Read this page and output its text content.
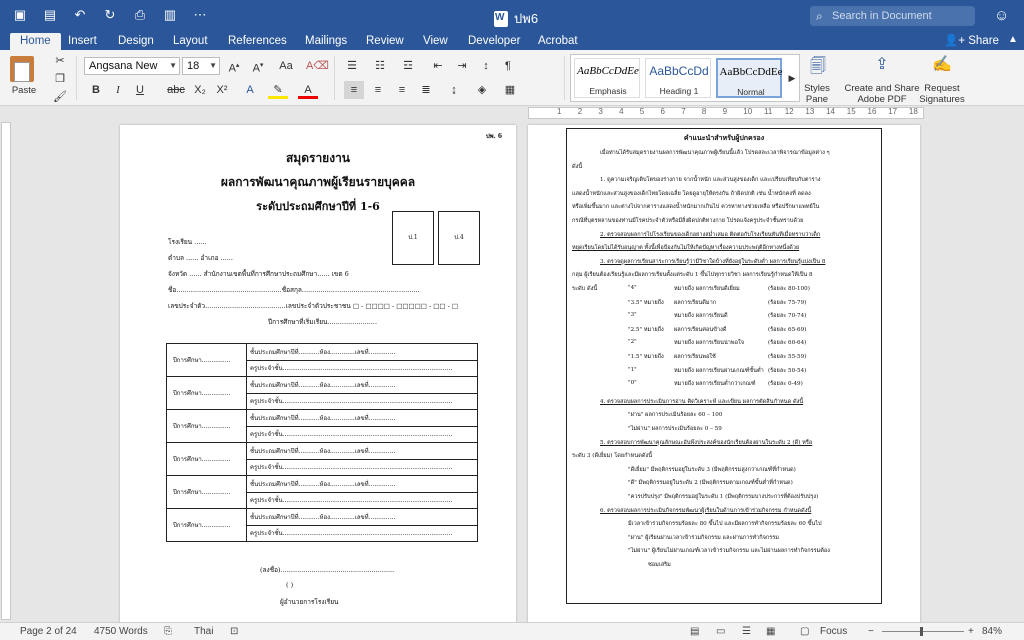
▣ ▤ ↶ ↻ ⎙ ▥ ⋯ W	ปพ6	⌕ Search in Document	☺
Home	Insert	Design	Layout	References	Mailings	Review	View	Developer	Acrobat	👤+ Share ▲
Paste
✂
❐
🖌
Angsana New ▼ 18 ▼	A▴	A▾	Aa A⌫
B	I	U	abc X₂ X²	A	✎	A
☰	☷	☲	⇤	⇥	↕	¶
≡	≡	≡	≣	↨	◈	▦
AaBbCcDdEe
Emphasis
AaBbCcDd
Heading 1
AaBbCcDdEe
Normal
▶
🗐
Styles
Pane
⇪
Create and Share
Adobe PDF
✍
Request
Signatures
1 2 3 4 5 6 7 8 9 10 11 12 13 14 15 16 17 18
ปพ. 6
สมุดรายงาน
ผลการพัฒนาคุณภาพผู้เรียนรายบุคคล
ระดับประถมศึกษาปีที่ 1-6
ป.1	ป.4
โรงเรียน ......
ตำบล ...... อำเภอ ......
จังหวัด ...... สำนักงานเขตพื้นที่การศึกษาประถมศึกษา...... เขต 6
ชื่อ...................................................ชื่อสกุล.........................................................
เลขประจำตัว.......................................เลขประจำตัวประชาชน □ - □□□□ - □□□□□ - □□ - □
ปีการศึกษาที่เริ่มเรียน........................
ปีการศึกษา...............	ชั้นประถมศึกษาปีที่...........ห้อง.............เลขที่..............
	ครูประจำชั้น.........................................................................................
ปีการศึกษา...............	ชั้นประถมศึกษาปีที่...........ห้อง.............เลขที่..............
	ครูประจำชั้น.........................................................................................
ปีการศึกษา...............	ชั้นประถมศึกษาปีที่...........ห้อง.............เลขที่..............
	ครูประจำชั้น.........................................................................................
ปีการศึกษา...............	ชั้นประถมศึกษาปีที่...........ห้อง.............เลขที่..............
	ครูประจำชั้น.........................................................................................
ปีการศึกษา...............	ชั้นประถมศึกษาปีที่...........ห้อง.............เลขที่..............
	ครูประจำชั้น.........................................................................................
ปีการศึกษา...............	ชั้นประถมศึกษาปีที่...........ห้อง.............เลขที่..............
	ครูประจำชั้น.........................................................................................
(ลงชื่อ).......................................................
( )
ผู้อำนวยการโรงเรียน
คำแนะนำสำหรับผู้ปกครอง
เมื่อท่านได้รับสมุดรายงานผลการพัฒนาคุณภาพผู้เรียนนี้แล้ว โปรดสละเวลาพิจารณาข้อมูลต่าง ๆ
ดังนี้
1. ดูความเจริญเติบโตของร่างกาย จากน้ำหนัก และส่วนสูงของเด็ก และเปรียบเทียบกับตาราง
แสดงน้ำหนักและส่วนสูงของเด็กไทยโดยเฉลี่ย โดยดูอายุให้ตรงกัน ถ้าผิดปกติ เช่น น้ำหนักคงที่ ลดลง
หรือเพิ่มขึ้นมาก และต่างไปจากตารางแสดงน้ำหนักมากเกินไป ควรหาทางช่วยเหลือ หรือปรึกษาแพทย์ใน
กรณีที่บุตรหลานของท่านมีโรคประจำตัวหรือมีสิ่งผิดปกติทางกาย โปรดแจ้งครูประจำชั้นทราบด้วย
2. ตรวจสอบผลการไปโรงเรียนของเด็กอย่างสม่ำเสมอ ติดต่อกับโรงเรียนทันทีเมื่อทราบว่าเด็ก
หยุดเรียนโดยไม่ได้รับอนุญาต ทั้งนี้เพื่อป้องกันไม่ให้เกิดปัญหาเรื่องความประพฤติอีกทางหนึ่งด้วย
3. ตรวจดูผลการเรียนสาระการเรียนรู้ว่ามีวิชาใดบ้างที่ยังอยู่ในระดับต่ำ ผลการเรียนรู้แบ่งเป็น 8
กลุ่ม ผู้เรียนต้องเรียนรู้และมีผลการเรียนตั้งแต่ระดับ 1 ขึ้นไปทุกรายวิชา ผลการเรียนรู้กำหนดให้เป็น 8
ระดับ ดังนี้	"4"	หมายถึง ผลการเรียนดีเยี่ยม	(ร้อยละ 80-100)
"3.5" หมายถึง ผลการเรียนดีมาก	(ร้อยละ 75-79)
"3"	หมายถึง ผลการเรียนดี	(ร้อยละ 70-74)
"2.5" หมายถึง ผลการเรียนค่อนข้างดี	(ร้อยละ 65-69)
"2"	หมายถึง ผลการเรียนน่าพอใจ	(ร้อยละ 60-64)
"1.5" หมายถึง ผลการเรียนพอใช้	(ร้อยละ 55-59)
"1"	หมายถึง ผลการเรียนผ่านเกณฑ์ขั้นต่ำ (ร้อยละ 50-54)
"0"	หมายถึง ผลการเรียนต่ำกว่าเกณฑ์ (ร้อยละ 0-49)
4. ตรวจสอบผลการประเมินการอ่าน คิดวิเคราะห์ และเขียน ผลการตัดสินกำหนด ดังนี้
"ผ่าน" ผลการประเมินร้อยละ 60 – 100
"ไม่ผ่าน" ผลการประเมินร้อยละ 0 – 59
5. ตรวจสอบการพัฒนาคุณลักษณะอันพึงประสงค์ของนักเรียนต้องผ่านในระดับ 2 (ดี) หรือ
ระดับ 3 (ดีเยี่ยม) โดยกำหนดดังนี้
"ดีเยี่ยม" มีพฤติกรรมอยู่ในระดับ 3 (มีพฤติกรรมสูงกว่าเกณฑ์ที่กำหนด)
"ดี" มีพฤติกรรมอยู่ในระดับ 2 (มีพฤติกรรมตามเกณฑ์ขั้นต่ำที่กำหนด)
"ควรปรับปรุง" มีพฤติกรรมอยู่ในระดับ 1 (มีพฤติกรรมบางประการที่ต้องปรับปรุง)
6. ตรวจสอบผลการประเมินกิจกรรมพัฒนาผู้เรียนในด้านการเข้าร่วมกิจกรรม กำหนดดังนี้
มีเวลาเข้าร่วมกิจกรรมร้อยละ 80 ขึ้นไป และมีผลการทำกิจกรรมร้อยละ 60 ขึ้นไป
"ผ่าน" ผู้เรียนผ่านเวลาเข้าร่วมกิจกรรม และผ่านการทำกิจกรรม
"ไม่ผ่าน" ผู้เรียนไม่ผ่านเกณฑ์เวลาเข้าร่วมกิจกรรม และไม่ผ่านผลการทำกิจกรรมต้อง
ซ่อมเสริม
Page 2 of 24 4750 Words ⎘ Thai ⊡	▤ ▭ ☰ ▦ ▢ Focus −	+ 84%
